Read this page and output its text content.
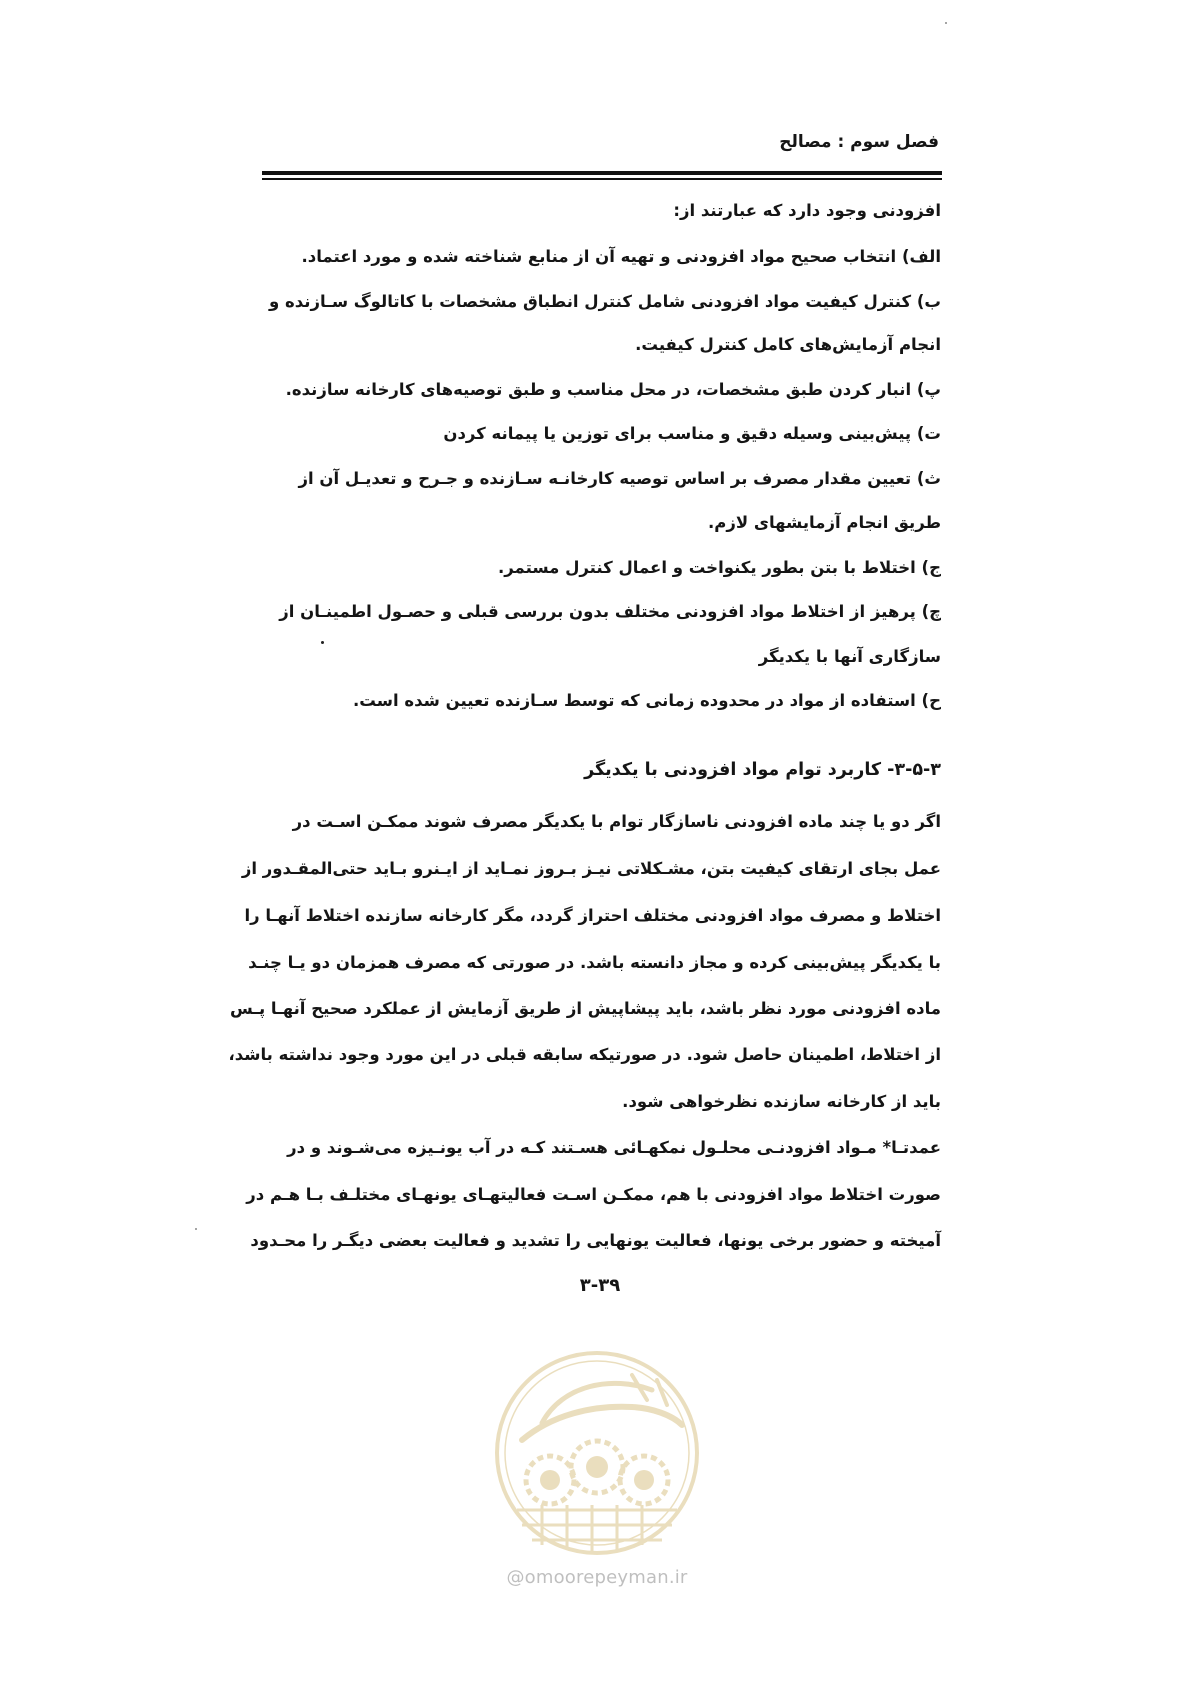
فصل سوم : مصالح
افزودنی وجود دارد که عبارتند از:
الف) انتخاب صحیح مواد افزودنی و تهیه آن از منابع شناخته شده و مورد اعتماد.
ب) کنترل کیفیت مواد افزودنی شامل کنترل انطباق مشخصات با کاتالوگ سـازنده و
انجام آزمایش‌های کامل کنترل کیفیت.
پ) انبار کردن طبق مشخصات، در محل مناسب و طبق توصیه‌های کارخانه سازنده.
ت) پیش‌بینی وسیله دقیق و مناسب برای توزین یا پیمانه کردن
ث) تعیین مقدار مصرف بر اساس توصیه کارخانـه سـازنده و جـرح و تعدیـل آن از
طریق انجام آزمایشهای لازم.
ج) اختلاط با بتن بطور یکنواخت و اعمال کنترل مستمر.
چ) پرهیز از اختلاط مواد افزودنی مختلف بدون بررسی قبلی و حصـول اطمینـان از
سازگاری آنها با یکدیگر
ح) استفاده از مواد در محدوده زمانی که توسط سـازنده تعیین شده است.
۳-۵-۳- کاربرد توام مواد افزودنی با یکدیگر
اگر دو یا چند ماده افزودنی ناسازگار توام با یکدیگر مصرف شوند ممکـن اسـت در
عمل بجای ارتقای کیفیت بتن، مشـکلاتی نیـز بـروز نمـاید از ایـنرو بـاید حتی‌المقـدور از
اختلاط و مصرف مواد افزودنی مختلف احتراز گردد، مگر کارخانه سازنده اختلاط آنهـا را
با یکدیگر پیش‌بینی کرده و مجاز دانسته باشد. در صورتی که مصرف همزمان دو یـا چنـد
ماده افزودنی مورد نظر باشد، باید پیشاپیش از طریق آزمایش از عملکرد صحیح آنهـا پـس
از اختلاط، اطمینان حاصل شود. در صورتیکه سابقه قبلی در این مورد وجود نداشته باشد،
باید از کارخانه سازنده نظرخواهی شود.
عمدتـا* مـواد افزودنـی محلـول نمکهـائی هسـتند کـه در آب یونـیزه می‌شـوند و در
صورت اختلاط مواد افزودنی با هم، ممکـن اسـت فعالیتهـای یونهـای مختلـف بـا هـم در
آمیخته و حضور برخی یونها، فعالیت یونهایی را تشدید و فعالیت بعضی دیگـر را محـدود
۳-۳۹
@omoorepeyman.ir
